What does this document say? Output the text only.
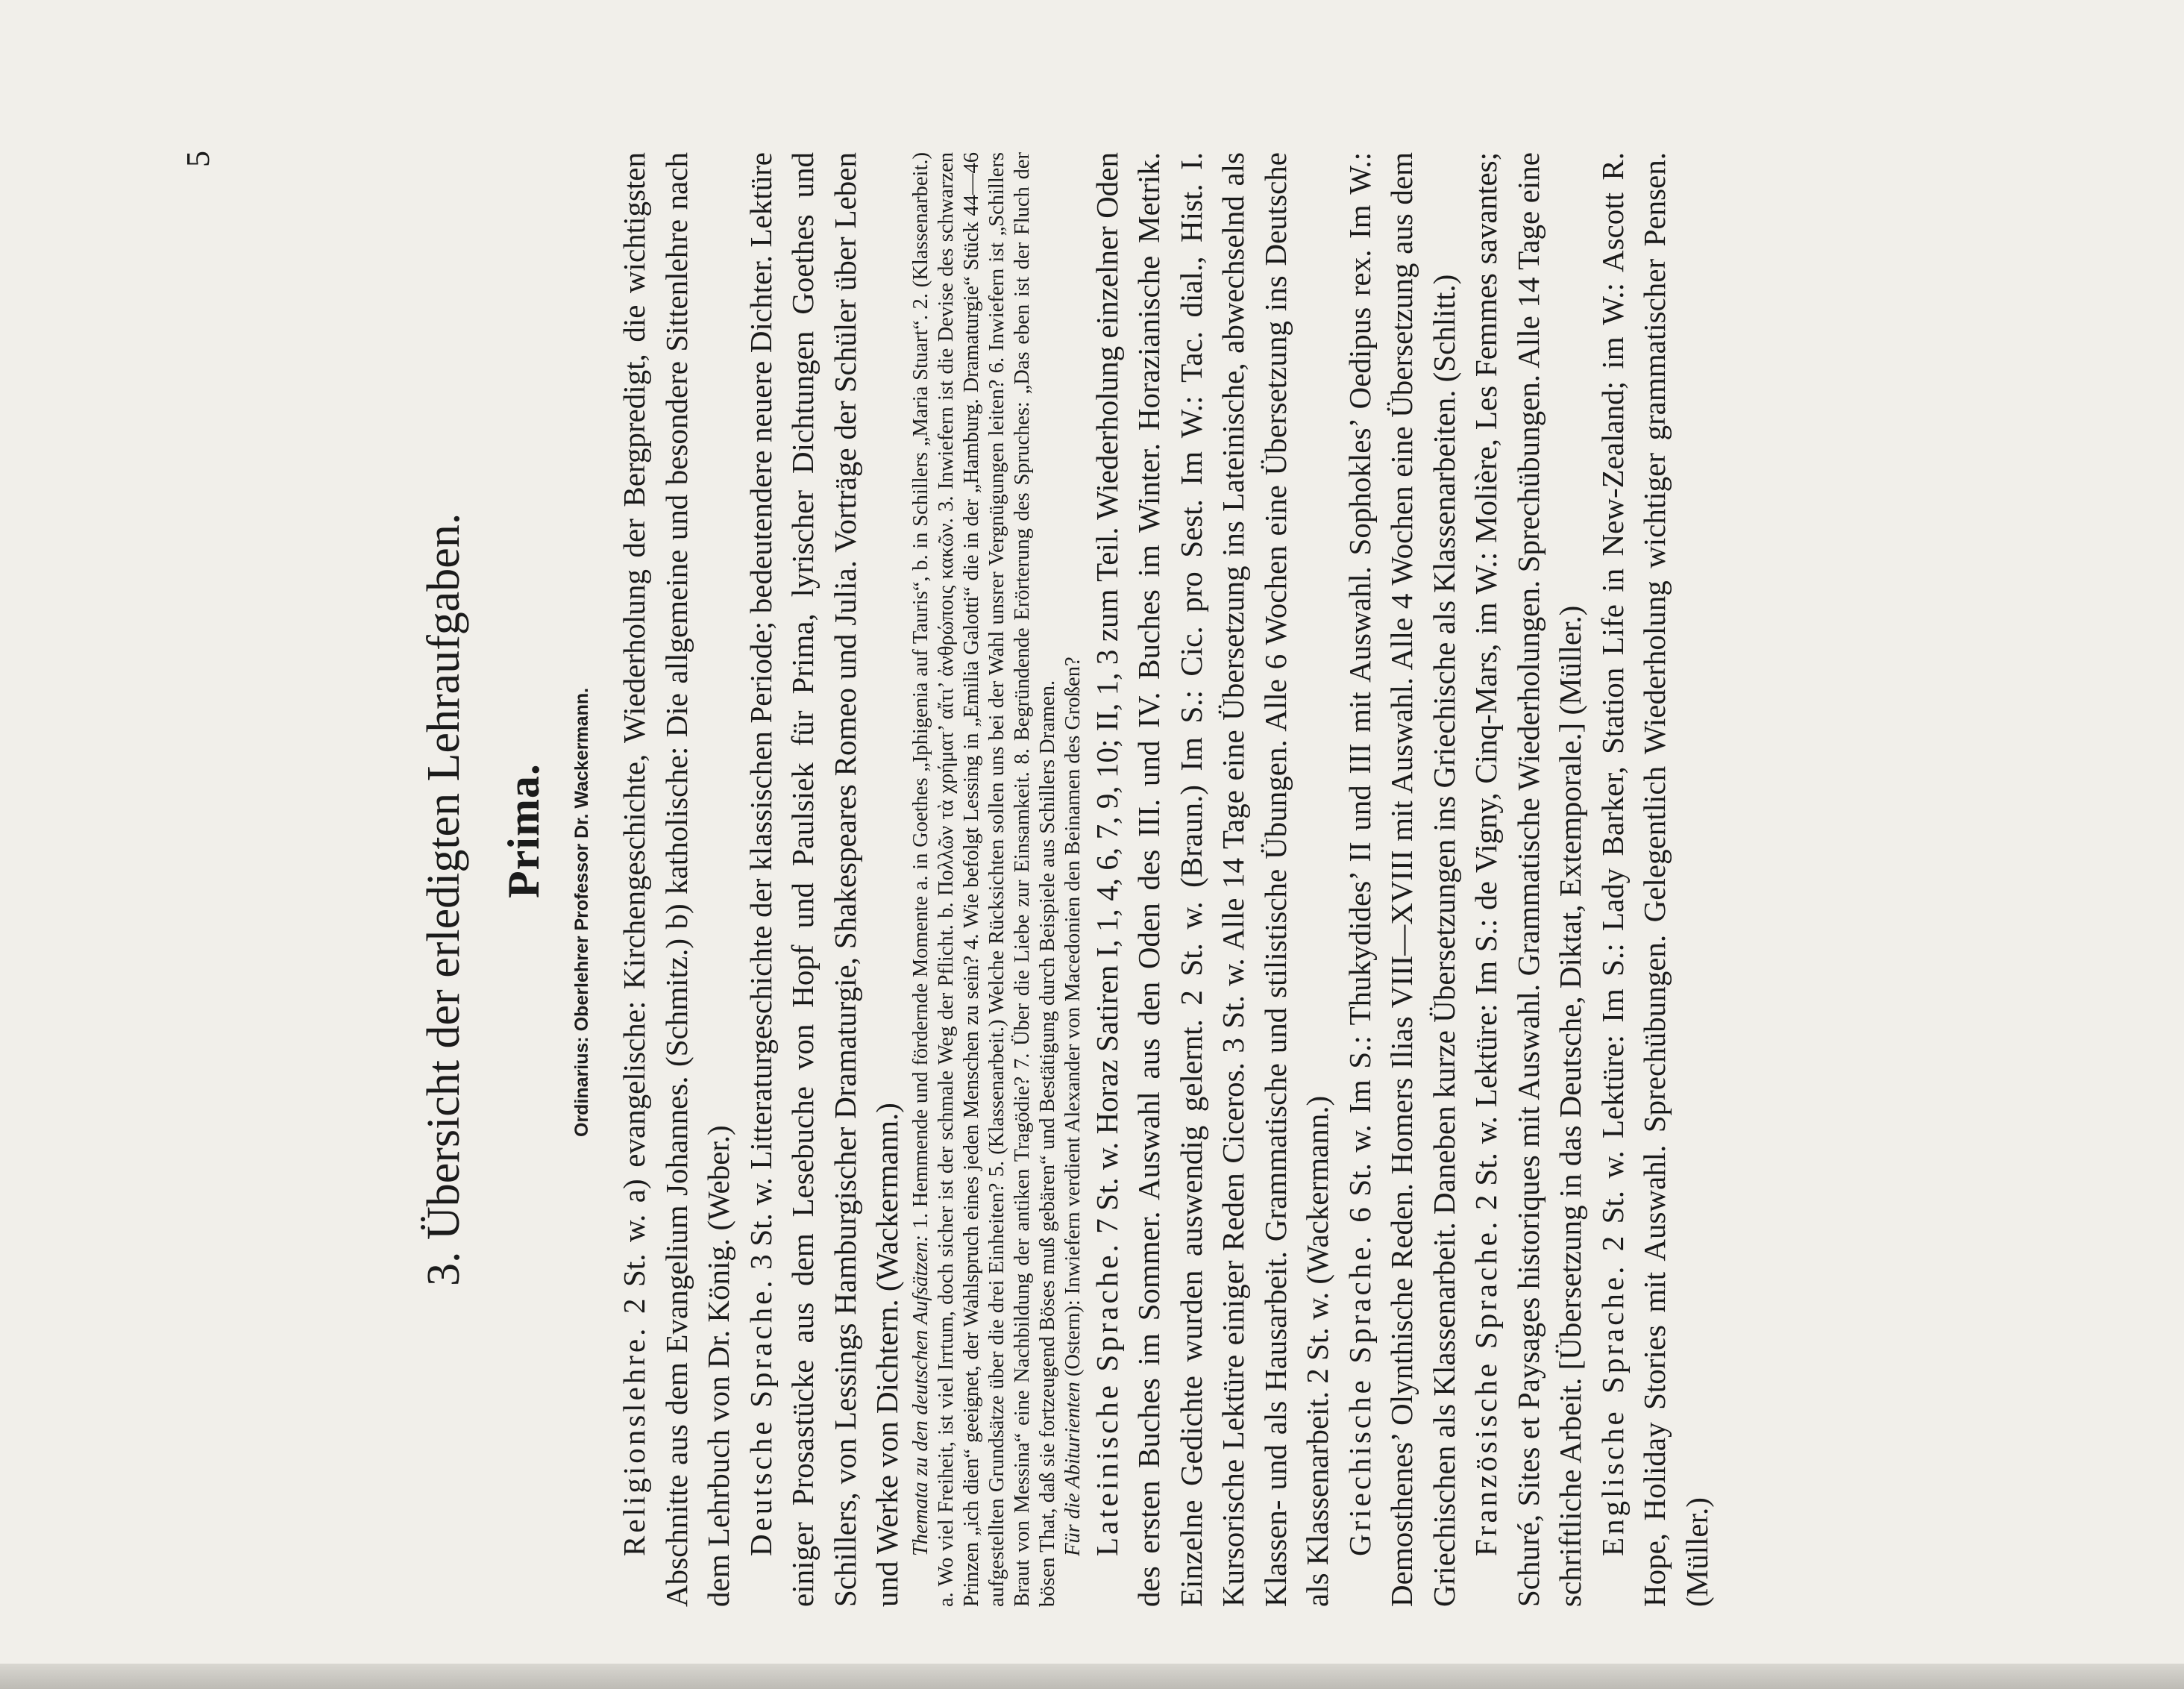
5

3. Übersicht der erledigten Lehraufgaben. Prima. Ordinarius: Oberlehrer Professor Dr. Wackermann.

Religionslehre. 2 St. w. a) evangelische: Kirchengeschichte, Wiederholung der Bergpredigt, die wichtigsten Abschnitte aus dem Evangelium Johannes. (Schmitz.) b) katholische: Die allgemeine und besondere Sittenlehre nach dem Lehrbuch von Dr. König. (Weber.) Deutsche Sprache. 3 St. w. Litteraturgeschichte der klassischen Periode; bedeutendere neuere Dichter. Lektüre einiger Prosastücke aus dem Lesebuche von Hopf und Paulsiek für Prima, lyrischer Dichtungen Goethes und Schillers, von Lessings Hamburgischer Dramaturgie, Shakespeares Romeo und Julia. Vorträge der Schüler über Leben und Werke von Dichtern. (Wackermann.) Themata zu den deutschen Aufsätzen: 1. Hemmende und fördernde Momente a. in Goethes „Iphigenia auf Tauris“, b. in Schillers „Maria Stuart“. 2. (Klassenarbeit.) a. Wo viel Freiheit, ist viel Irrtum, doch sicher ist der schmale Weg der Pflicht. b. Πολλῶν τὰ χρήματ’ αἴτι’ ἀνθρώποις κακῶν. 3. Inwiefern ist die Devise des schwarzen Prinzen „ich dien“ geeignet, der Wahlspruch eines jeden Menschen zu sein? 4. Wie befolgt Lessing in „Emilia Galotti“ die in der „Hamburg. Dramaturgie“ Stück 44—46 aufgestellten Grundsätze über die drei Einheiten? 5. (Klassenarbeit.) Welche Rücksichten sollen uns bei der Wahl unsrer Vergnügungen leiten? 6. Inwiefern ist „Schillers Braut von Messina“ eine Nachbildung der antiken Tragödie? 7. Über die Liebe zur Einsamkeit. 8. Begründende Erörterung des Spruches: „Das eben ist der Fluch der bösen That, daß sie fortzeugend Böses muß gebären“ und Bestätigung durch Beispiele aus Schillers Dramen. Für die Abiturienten (Ostern): Inwiefern verdient Alexander von Macedonien den Beinamen des Großen?

Lateinische Sprache. 7 St. w. Horaz Satiren I, 1, 4, 6, 7, 9, 10; II, 1, 3 zum Teil. Wiederholung einzelner Oden des ersten Buches im Sommer. Auswahl aus den Oden des III. und IV. Buches im Winter. Horazianische Metrik. Einzelne Gedichte wurden auswendig gelernt. 2 St. w. (Braun.) Im S.: Cic. pro Sest. Im W.: Tac. dial., Hist. I. Kursorische Lektüre einiger Reden Ciceros. 3 St. w. Alle 14 Tage eine Übersetzung ins Lateinische, abwechselnd als Klassen- und als Hausarbeit. Grammatische und stilistische Übungen. Alle 6 Wochen eine Übersetzung ins Deutsche als Klassenarbeit. 2 St. w. (Wackermann.) Griechische Sprache. 6 St. w. Im S.: Thukydides’ II und III mit Auswahl. Sophokles’ Oedipus rex. Im W.: Demosthenes’ Olynthische Reden. Homers Ilias VIII—XVIII mit Auswahl. Alle 4 Wochen eine Übersetzung aus dem Griechischen als Klassenarbeit. Daneben kurze Übersetzungen ins Griechische als Klassenarbeiten. (Schlitt.) Französische Sprache. 2 St. w. Lektüre: Im S.: de Vigny, Cinq-Mars, im W.: Molière, Les Femmes savantes; Schuré, Sites et Paysages historiques mit Auswahl. Grammatische Wiederholungen. Sprechübungen. Alle 14 Tage eine schriftliche Arbeit. [Übersetzung in das Deutsche, Diktat, Extemporale.] (Müller.) Englische Sprache. 2 St. w. Lektüre: Im S.: Lady Barker, Station Life in New-Zealand; im W.: Ascott R. Hope, Holiday Stories mit Auswahl. Sprechübungen. Gelegentlich Wiederholung wichtiger grammatischer Pensen. (Müller.)
